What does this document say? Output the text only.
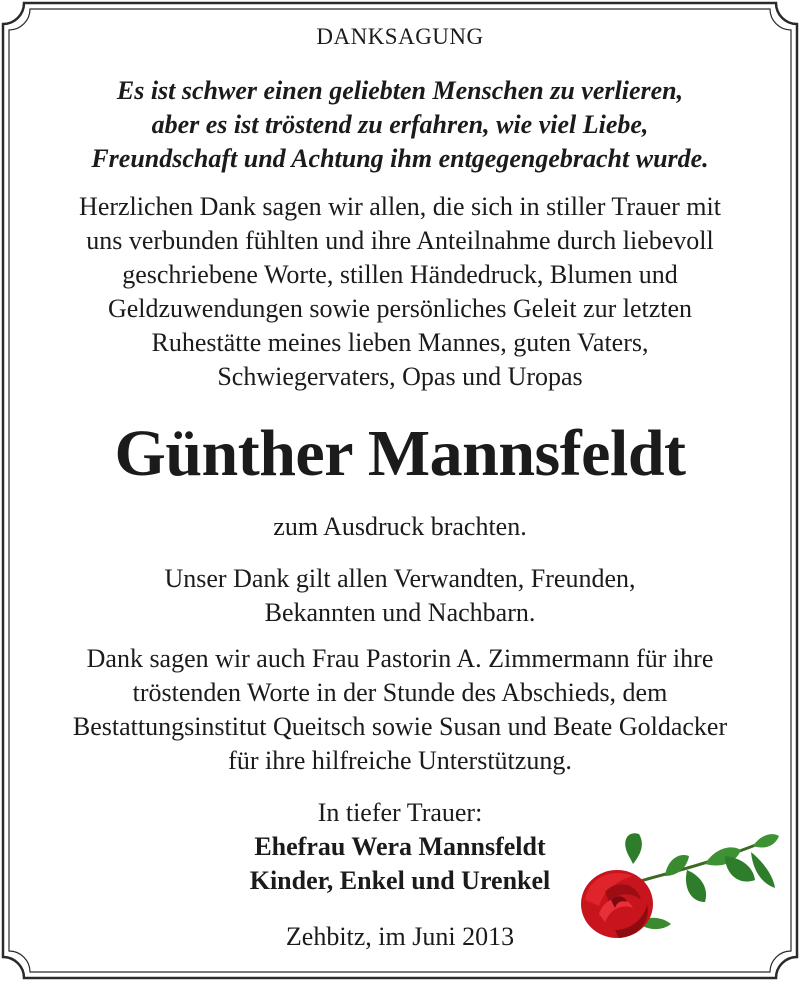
DANKSAGUNG
Es ist schwer einen geliebten Menschen zu verlieren,
aber es ist tröstend zu erfahren, wie viel Liebe,
Freundschaft und Achtung ihm entgegengebracht wurde.
Herzlichen Dank sagen wir allen, die sich in stiller Trauer mit
uns verbunden fühlten und ihre Anteilnahme durch liebevoll
geschriebene Worte, stillen Händedruck, Blumen und
Geldzuwendungen sowie persönliches Geleit zur letzten
Ruhestätte meines lieben Mannes, guten Vaters,
Schwiegervaters, Opas und Uropas
Günther Mannsfeldt
zum Ausdruck brachten.
Unser Dank gilt allen Verwandten, Freunden,
Bekannten und Nachbarn.
Dank sagen wir auch Frau Pastorin A. Zimmermann für ihre
tröstenden Worte in der Stunde des Abschieds, dem
Bestattungsinstitut Queitsch sowie Susan und Beate Goldacker
für ihre hilfreiche Unterstützung.
In tiefer Trauer:
Ehefrau Wera Mannsfeldt
Kinder, Enkel und Urenkel
Zehbitz, im Juni 2013
